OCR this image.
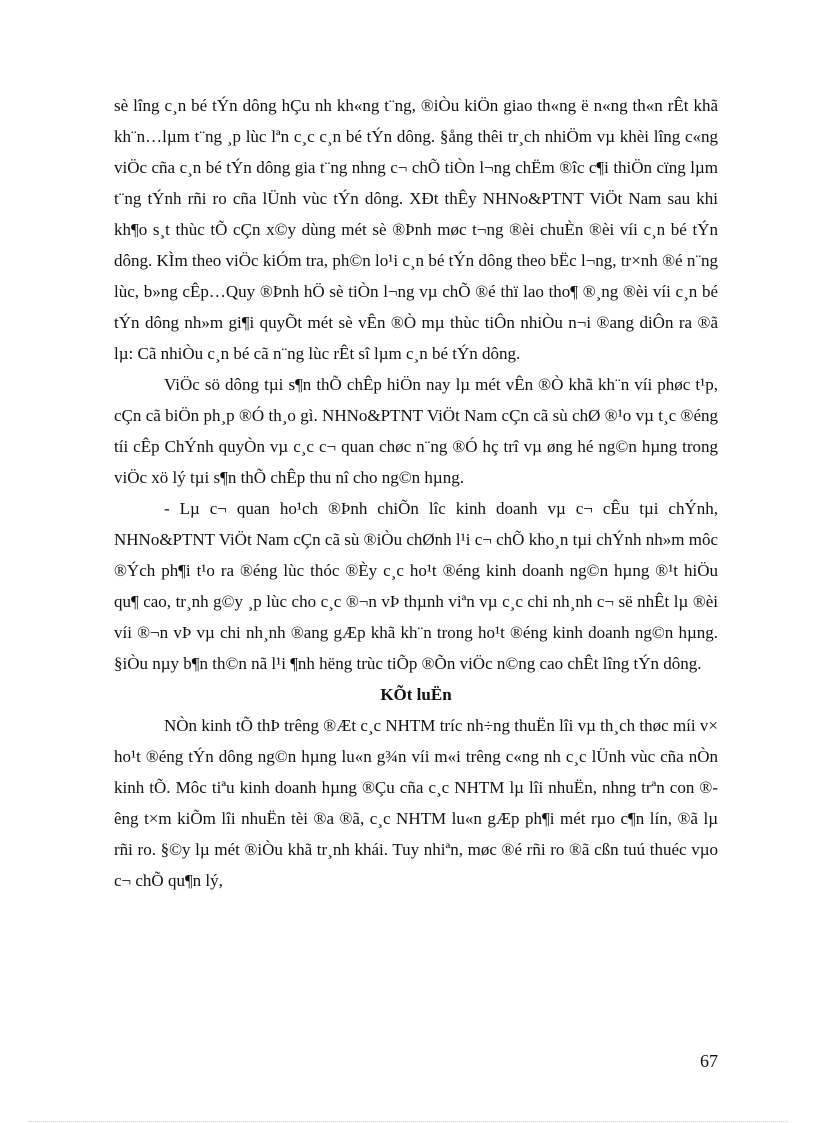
sè lîng c¸n bé tÝn dông hÇu nh kh«ng t¨ng, ®iÒu kiÖn giao th«ng ë n«ng th«n rÊt khã kh¨n…lµm t¨ng ¸p lùc lªn c¸c c¸n bé tÝn dông. §ång thêi tr¸ch nhiÖm vµ khèi lîng c«ng viÖc cña c¸n bé tÝn dông gia t¨ng nhng c¬ chÕ tiÒn l¬ng chËm ®îc c¶i thiÖn cïng lµm t¨ng tÝnh rñi ro cña lÜnh vùc tÝn dông. XÐt thÊy NHNo&PTNT ViÖt Nam sau khi kh¶o s¸t thùc tÕ cÇn x©y dùng mét sè ®Þnh møc t¬ng ®èi chuÈn ®èi víi c¸n bé tÝn dông. KÌm theo viÖc kiÓm tra, ph©n lo¹i c¸n bé tÝn dông theo bËc l¬ng, tr×nh ®é n¨ng lùc, b»ng cÊp…Quy ®Þnh hÖ sè tiÒn l¬ng vµ chÕ ®é thï lao tho¶ ®¸ng ®èi víi c¸n bé tÝn dông nh»m gi¶i quyÕt mét sè vÊn ®Ò mµ thùc tiÔn nhiÒu n¬i ®ang diÔn ra ®ã lµ: Cã nhiÒu c¸n bé cã n¨ng lùc rÊt sî lµm c¸n bé tÝn dông.

ViÖc sö dông tµi s¶n thÕ chÊp hiÖn nay lµ mét vÊn ®Ò khã kh¨n víi phøc t¹p, cÇn cã biÖn ph¸p ®Ó th¸o gì. NHNo&PTNT ViÖt Nam cÇn cã sù chØ ®¹o vµ t¸c ®éng tíi cÊp ChÝnh quyÒn vµ c¸c c¬ quan chøc n¨ng ®Ó hç trî vµ øng hé ng©n hµng trong viÖc xö lý tµi s¶n thÕ chÊp thu nî cho ng©n hµng.

- Lµ c¬ quan ho¹ch ®Þnh chiÕn lîc kinh doanh vµ c¬ cÊu tµi chÝnh, NHNo&PTNT ViÖt Nam cÇn cã sù ®iÒu chØnh l¹i c¬ chÕ kho¸n tµi chÝnh nh»m môc ®Ých ph¶i t¹o ra ®éng lùc thóc ®Èy c¸c ho¹t ®éng kinh doanh ng©n hµng ®¹t hiÖu qu¶ cao, tr¸nh g©y ¸p lùc cho c¸c ®¬n vÞ thµnh viªn vµ c¸c chi nh¸nh c¬ së nhÊt lµ ®èi víi ®¬n vÞ vµ chi nh¸nh ®ang gÆp khã kh¨n trong ho¹t ®éng kinh doanh ng©n hµng. §iÒu nµy b¶n th©n nã l¹i ¶nh hëng trùc tiÕp ®Õn viÖc n©ng cao chÊt lîng tÝn dông.

KÕt luËn

NÒn kinh tÕ thÞ trêng ®Æt c¸c NHTM tríc nh÷ng thuËn lîi vµ th¸ch thøc míi v× ho¹t ®éng tÝn dông ng©n hµng lu«n g¾n víi m«i trêng c«ng nh c¸c lÜnh vùc cña nÒn kinh tÕ. Môc tiªu kinh doanh hµng ®Çu cña c¸c NHTM lµ lîi nhuËn, nhng trªn con ®êng t×m kiÕm lîi nhuËn tèi ®a ®ã, c¸c NHTM lu«n gÆp ph¶i mét rµo c¶n lín, ®ã lµ rñi ro. §©y lµ mét ®iÒu khã tr¸nh khái. Tuy nhiªn, møc ®é rñi ro ®ã cßn tuú thuéc vµo c¬ chÕ qu¶n lý,

67
